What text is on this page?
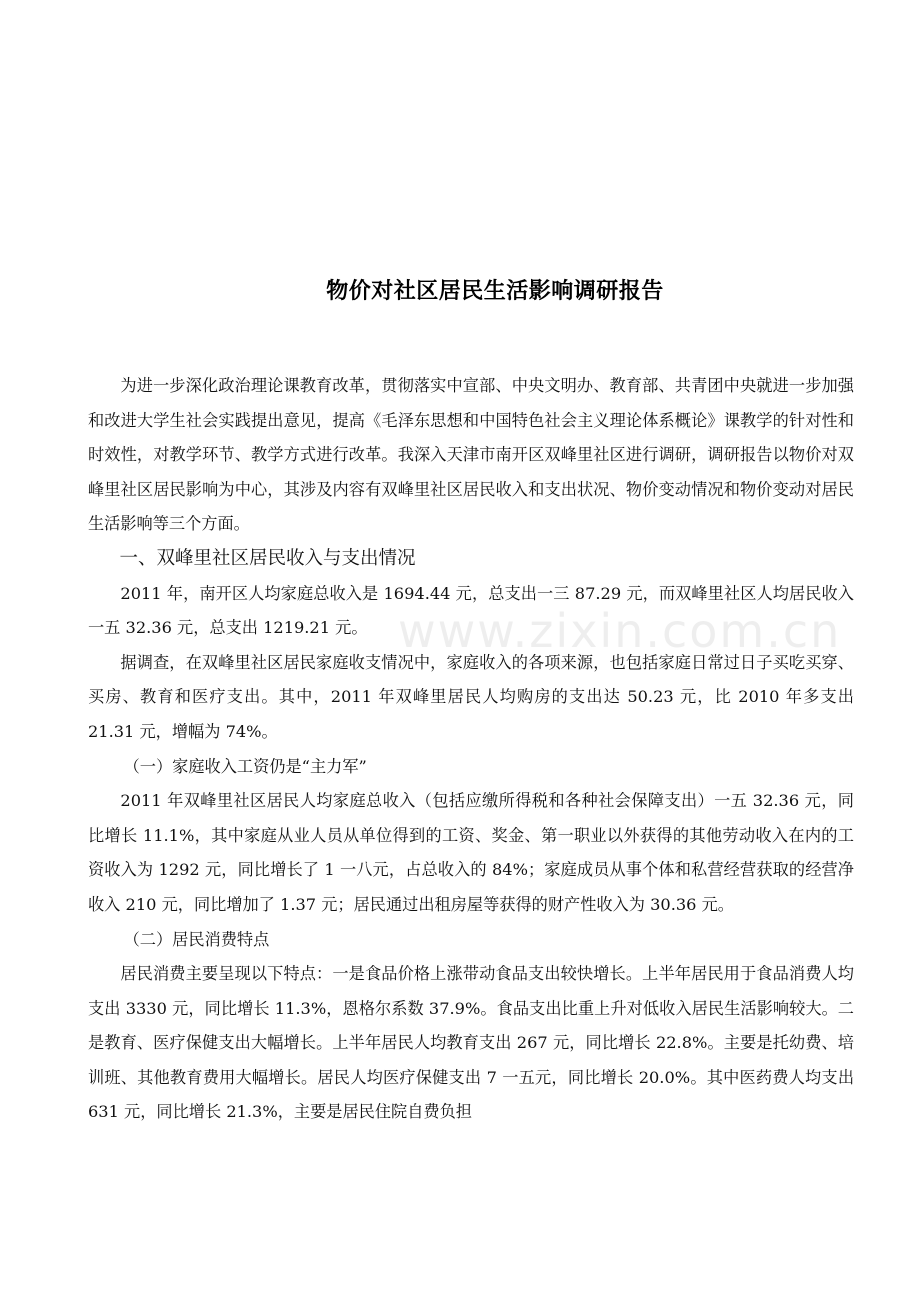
物价对社区居民生活影响调研报告

为进一步深化政治理论课教育改革，贯彻落实中宣部、中央文明办、教育部、共青团中央就进一步加强和改进大学生社会实践提出意见，提高《毛泽东思想和中国特色社会主义理论体系概论》课教学的针对性和时效性，对教学环节、教学方式进行改革。我深入天津市南开区双峰里社区进行调研，调研报告以物价对双峰里社区居民影响为中心，其涉及内容有双峰里社区居民收入和支出状况、物价变动情况和物价变动对居民生活影响等三个方面。

一、双峰里社区居民收入与支出情况

2011 年，南开区人均家庭总收入是 1694.44 元，总支出一三 87.29 元，而双峰里社区人均居民收入一五 32.36 元，总支出 1219.21 元。

据调查，在双峰里社区居民家庭收支情况中，家庭收入的各项来源，也包括家庭日常过日子买吃买穿、买房、教育和医疗支出。其中，2011 年双峰里居民人均购房的支出达 50.23 元，比 2010 年多支出 21.31 元，增幅为 74%。

（一）家庭收入工资仍是“主力军”

2011 年双峰里社区居民人均家庭总收入（包括应缴所得税和各种社会保障支出）一五 32.36 元，同比增长 11.1%，其中家庭从业人员从单位得到的工资、奖金、第一职业以外获得的其他劳动收入在内的工资收入为 1292 元，同比增长了 1 一八元，占总收入的 84%；家庭成员从事个体和私营经营获取的经营净收入 210 元，同比增加了 1.37 元；居民通过出租房屋等获得的财产性收入为 30.36 元。

（二）居民消费特点

居民消费主要呈现以下特点：一是食品价格上涨带动食品支出较快增长。上半年居民用于食品消费人均支出 3330 元，同比增长 11.3%，恩格尔系数 37.9%。食品支出比重上升对低收入居民生活影响较大。二是教育、医疗保健支出大幅增长。上半年居民人均教育支出 267 元，同比增长 22.8%。主要是托幼费、培训班、其他教育费用大幅增长。居民人均医疗保健支出 7 一五元，同比增长 20.0%。其中医药费人均支出 631 元，同比增长 21.3%，主要是居民住院自费负担

www.zixin.com.cn
